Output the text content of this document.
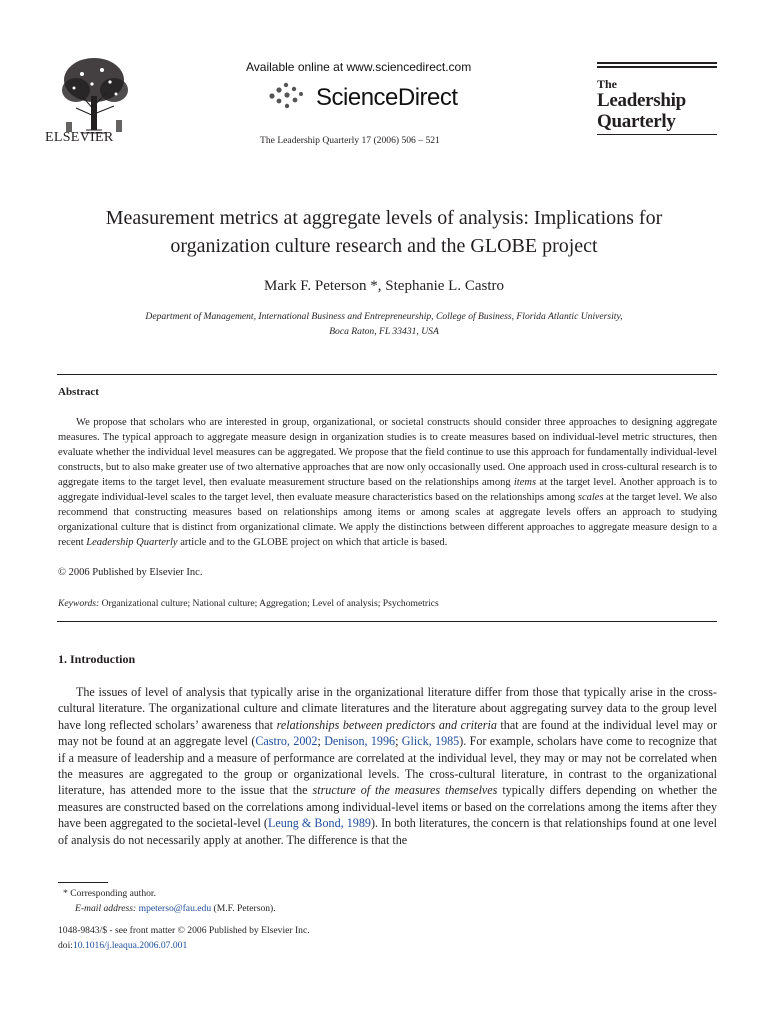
ELSEVIER
Available online at www.sciencedirect.com
ScienceDirect
The Leadership Quarterly 17 (2006) 506 – 521
The
Leadership
Quarterly
Measurement metrics at aggregate levels of analysis: Implications for
organization culture research and the GLOBE project
Mark F. Peterson *, Stephanie L. Castro
Department of Management, International Business and Entrepreneurship, College of Business, Florida Atlantic University,
Boca Raton, FL 33431, USA
Abstract
We propose that scholars who are interested in group, organizational, or societal constructs should consider three approaches to designing aggregate measures. The typical approach to aggregate measure design in organization studies is to create measures based on individual-level metric structures, then evaluate whether the individual level measures can be aggregated. We propose that the field continue to use this approach for fundamentally individual-level constructs, but to also make greater use of two alternative approaches that are now only occasionally used. One approach used in cross-cultural research is to aggregate items to the target level, then evaluate measurement structure based on the relationships among items at the target level. Another approach is to aggregate individual-level scales to the target level, then evaluate measure characteristics based on the relationships among scales at the target level. We also recommend that constructing measures based on relationships among items or among scales at aggregate levels offers an approach to studying organizational culture that is distinct from organizational climate. We apply the distinctions between different approaches to aggregate measure design to a recent Leadership Quarterly article and to the GLOBE project on which that article is based.
© 2006 Published by Elsevier Inc.
Keywords: Organizational culture; National culture; Aggregation; Level of analysis; Psychometrics
1. Introduction
The issues of level of analysis that typically arise in the organizational literature differ from those that typically arise in the cross-cultural literature. The organizational culture and climate literatures and the literature about aggregating survey data to the group level have long reflected scholars’ awareness that relationships between predictors and criteria that are found at the individual level may or may not be found at an aggregate level (Castro, 2002; Denison, 1996; Glick, 1985). For example, scholars have come to recognize that if a measure of leadership and a measure of performance are correlated at the individual level, they may or may not be correlated when the measures are aggregated to the group or organizational levels. The cross-cultural literature, in contrast to the organizational literature, has attended more to the issue that the structure of the measures themselves typically differs depending on whether the measures are constructed based on the correlations among individual-level items or based on the correlations among the items after they have been aggregated to the societal-level (Leung & Bond, 1989). In both literatures, the concern is that relationships found at one level of analysis do not necessarily apply at another. The difference is that the
* Corresponding author.
E-mail address: mpeterso@fau.edu (M.F. Peterson).
1048-9843/$ - see front matter © 2006 Published by Elsevier Inc.
doi:10.1016/j.leaqua.2006.07.001
